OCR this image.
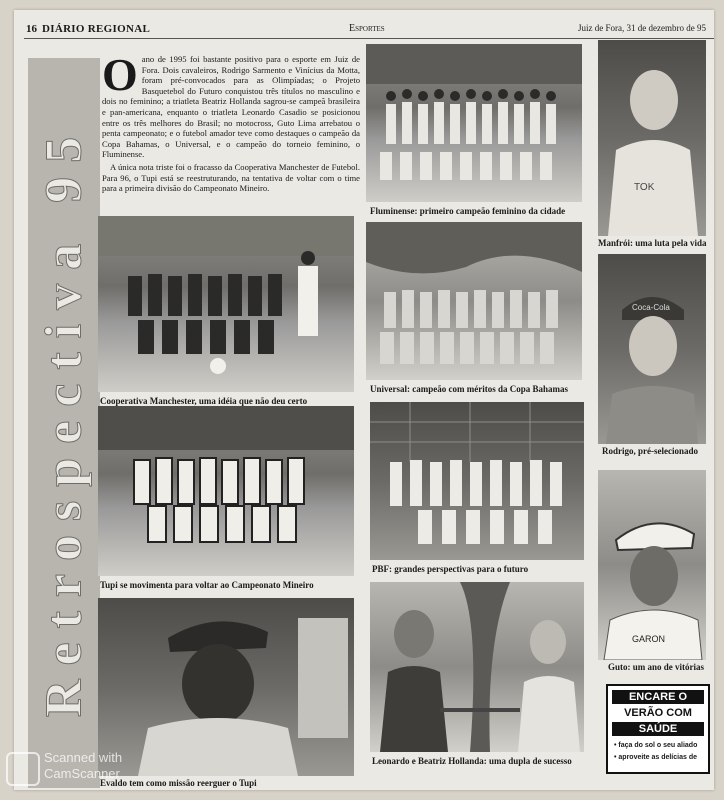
16 DIÁRIO REGIONAL	Esportes	Juiz de Fora, 31 de dezembro de 95
Retrospectiva 95
O ano de 1995 foi bastante positivo para o esporte em Juiz de Fora. Dois cavaleiros, Rodrigo Sarmento e Vinícius da Motta, foram pré-convocados para as Olimpíadas; o Projeto Basquetebol do Futuro conquistou três títulos no masculino e dois no feminino; a triatleta Beatriz Hollanda sagrou-se campeã brasileira e pan-americana, enquanto o triatleta Leonardo Casadio se posicionou entre os três melhores do Brasil; no motocross, Guto Lima arrebatou o penta campeonato; e o futebol amador teve como destaques o campeão da Copa Bahamas, o Universal, e o campeão do torneio feminino, o Fluminense.

A única nota triste foi o fracasso da Cooperativa Manchester de Futebol. Para 96, o Tupi está se reestruturando, na tentativa de voltar com o time para a primeira divisão do Campeonato Mineiro.

Fluminense: primeiro campeão feminino da cidade
TOK
Manfrói: uma luta pela vida
Cooperativa Manchester, uma idéia que não deu certo
Universal: campeão com méritos da Copa Bahamas
Coca-Cola
Rodrigo, pré-selecionado
Tupi se movimenta para voltar ao Campeonato Mineiro
PBF: grandes perspectivas para o futuro
GARON
Guto: um ano de vitórias
Evaldo tem como missão reerguer o Tupi
Leonardo e Beatriz Hollanda: uma dupla de sucesso
ENCARE O
VERÃO COM
SAÚDE
• faça do sol o seu aliado
• aproveite as delícias de
Scanned with
CamScanner
